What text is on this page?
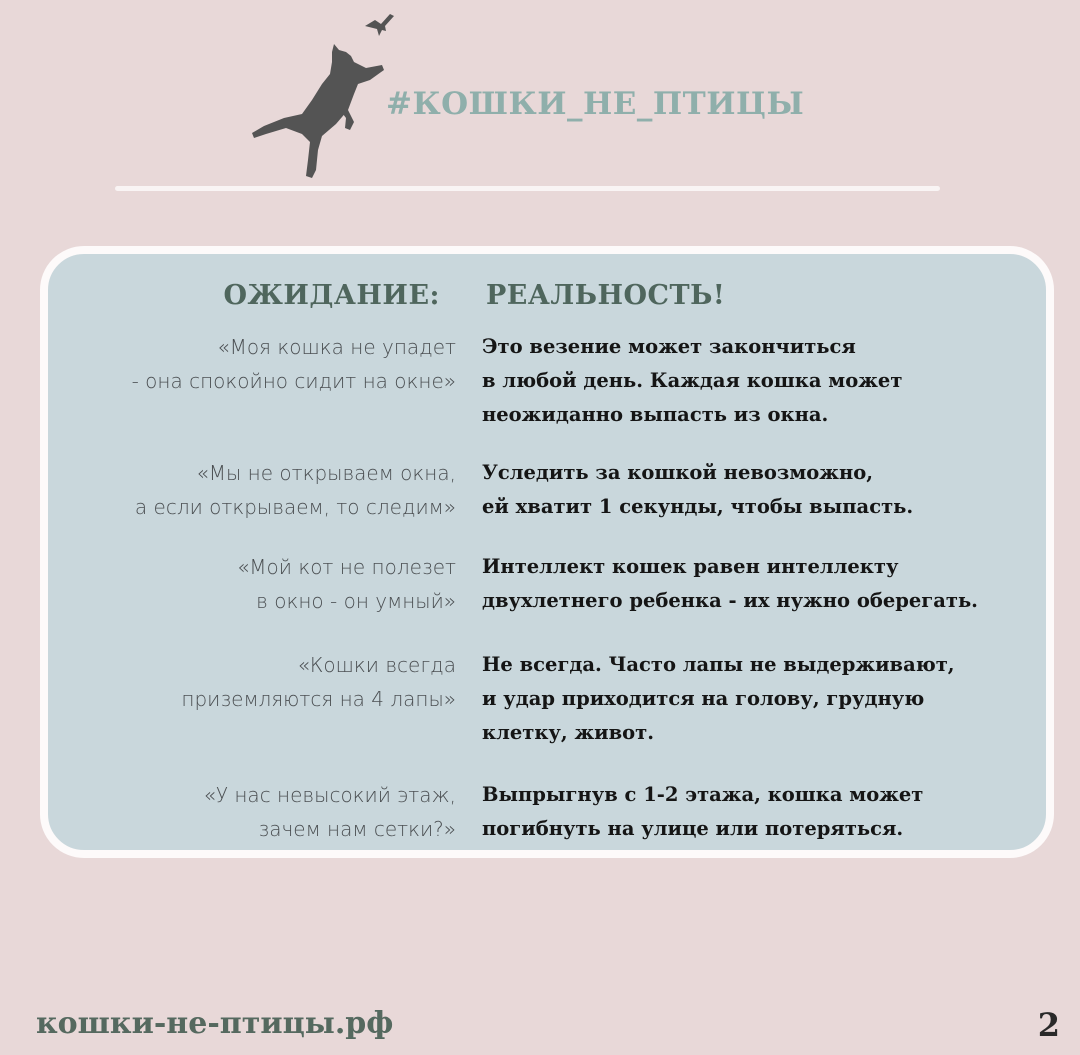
#КОШКИ_НЕ_ПТИЦЫ
ОЖИДАНИЕ: РЕАЛЬНОСТЬ!
«Моя кошка не упадет
- она спокойно сидит на окне»
Это везение может закончиться
в любой день. Каждая кошка может
неожиданно выпасть из окна.
«Мы не открываем окна,
а если открываем, то следим»
Уследить за кошкой невозможно,
ей хватит 1 секунды, чтобы выпасть.
«Мой кот не полезет
в окно - он умный»
Интеллект кошек равен интеллекту
двухлетнего ребенка - их нужно оберегать.
«Кошки всегда
приземляются на 4 лапы»
Не всегда. Часто лапы не выдерживают,
и удар приходится на голову, грудную
клетку, живот.
«У нас невысокий этаж,
зачем нам сетки?»
Выпрыгнув с 1-2 этажа, кошка может
погибнуть на улице или потеряться.
кошки-не-птицы.рф	2
